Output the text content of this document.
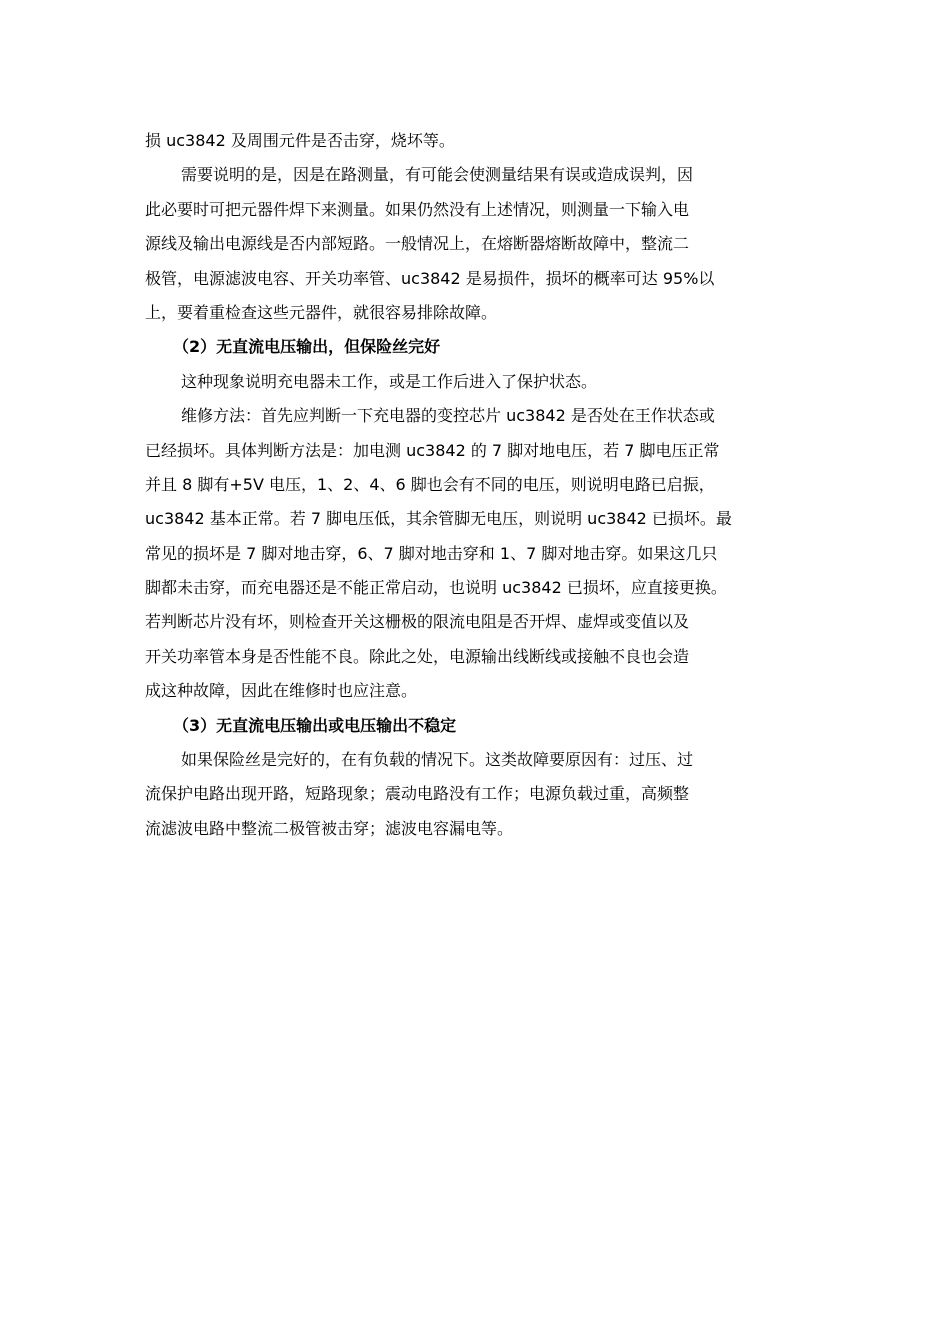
损 uc3842 及周围元件是否击穿，烧坏等。
需要说明的是，因是在路测量，有可能会使测量结果有误或造成误判，因
此必要时可把元器件焊下来测量。如果仍然没有上述情况，则测量一下输入电
源线及输出电源线是否内部短路。一般情况上，在熔断器熔断故障中，整流二
极管，电源滤波电容、开关功率管、uc3842 是易损件，损坏的概率可达 95%以
上，要着重检查这些元器件，就很容易排除故障。
（2）无直流电压输出，但保险丝完好
这种现象说明充电器未工作，或是工作后进入了保护状态。
维修方法：首先应判断一下充电器的变控芯片 uc3842 是否处在王作状态或
已经损坏。具体判断方法是：加电测 uc3842 的 7 脚对地电压，若 7 脚电压正常
并且 8 脚有+5V 电压，1、2、4、6 脚也会有不同的电压，则说明电路已启振，
uc3842 基本正常。若 7 脚电压低，其余管脚无电压，则说明 uc3842 已损坏。最
常见的损坏是 7 脚对地击穿，6、7 脚对地击穿和 1、7 脚对地击穿。如果这几只
脚都未击穿，而充电器还是不能正常启动，也说明 uc3842 已损坏，应直接更换。
若判断芯片没有坏，则检查开关这栅极的限流电阻是否开焊、虚焊或变值以及
开关功率管本身是否性能不良。除此之处，电源输出线断线或接触不良也会造
成这种故障，因此在维修时也应注意。
（3）无直流电压输出或电压输出不稳定
如果保险丝是完好的，在有负载的情况下。这类故障要原因有：过压、过
流保护电路出现开路，短路现象；震动电路没有工作；电源负载过重，高频整
流滤波电路中整流二极管被击穿；滤波电容漏电等。
